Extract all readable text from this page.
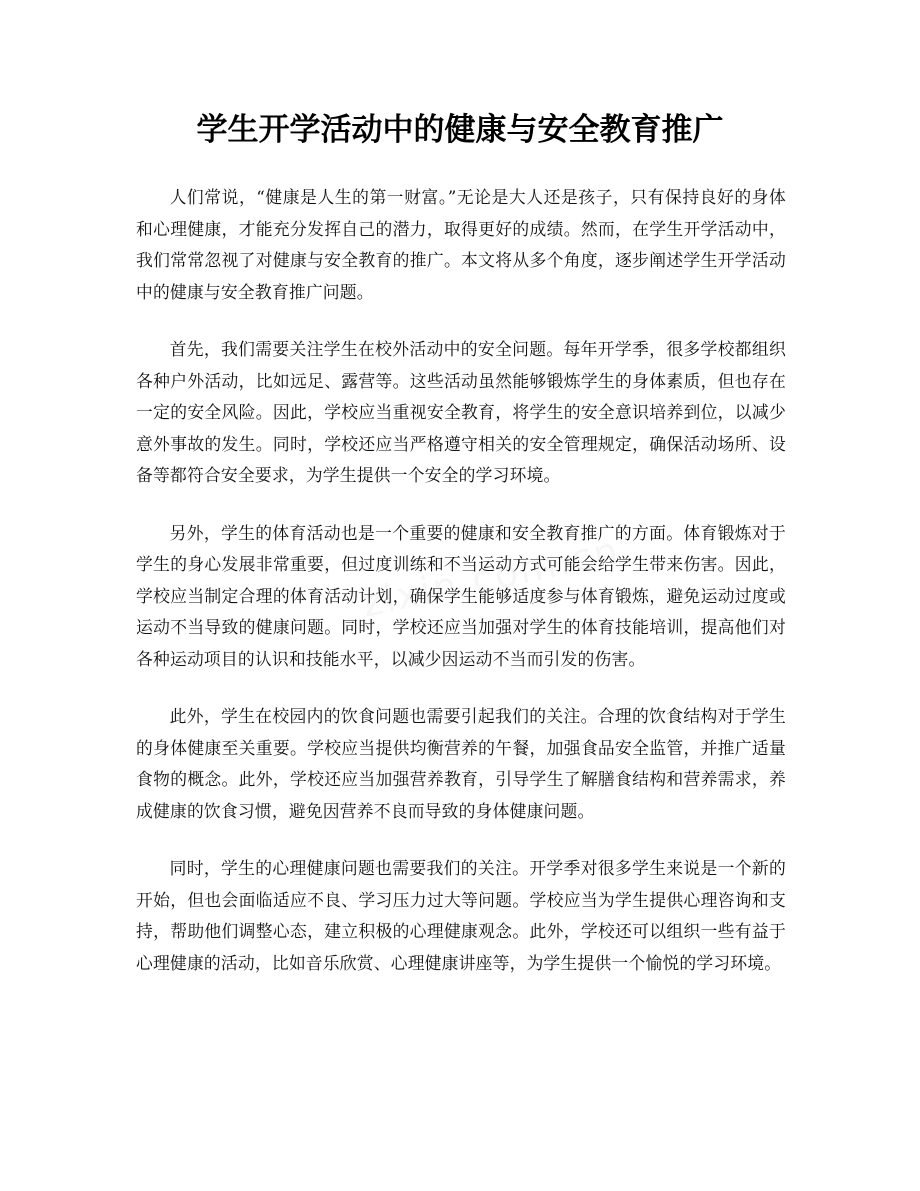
学生开学活动中的健康与安全教育推广

人们常说，“健康是人生的第一财富。”无论是大人还是孩子，只有保持良好的身体和心理健康，才能充分发挥自己的潜力，取得更好的成绩。然而，在学生开学活动中，我们常常忽视了对健康与安全教育的推广。本文将从多个角度，逐步阐述学生开学活动中的健康与安全教育推广问题。

首先，我们需要关注学生在校外活动中的安全问题。每年开学季，很多学校都组织各种户外活动，比如远足、露营等。这些活动虽然能够锻炼学生的身体素质，但也存在一定的安全风险。因此，学校应当重视安全教育，将学生的安全意识培养到位，以减少意外事故的发生。同时，学校还应当严格遵守相关的安全管理规定，确保活动场所、设备等都符合安全要求，为学生提供一个安全的学习环境。

另外，学生的体育活动也是一个重要的健康和安全教育推广的方面。体育锻炼对于学生的身心发展非常重要，但过度训练和不当运动方式可能会给学生带来伤害。因此，学校应当制定合理的体育活动计划，确保学生能够适度参与体育锻炼，避免运动过度或运动不当导致的健康问题。同时，学校还应当加强对学生的体育技能培训，提高他们对各种运动项目的认识和技能水平，以减少因运动不当而引发的伤害。

此外，学生在校园内的饮食问题也需要引起我们的关注。合理的饮食结构对于学生的身体健康至关重要。学校应当提供均衡营养的午餐，加强食品安全监管，并推广适量食物的概念。此外，学校还应当加强营养教育，引导学生了解膳食结构和营养需求，养成健康的饮食习惯，避免因营养不良而导致的身体健康问题。

同时，学生的心理健康问题也需要我们的关注。开学季对很多学生来说是一个新的开始，但也会面临适应不良、学习压力过大等问题。学校应当为学生提供心理咨询和支持，帮助他们调整心态，建立积极的心理健康观念。此外，学校还可以组织一些有益于心理健康的活动，比如音乐欣赏、心理健康讲座等，为学生提供一个愉悦的学习环境。
